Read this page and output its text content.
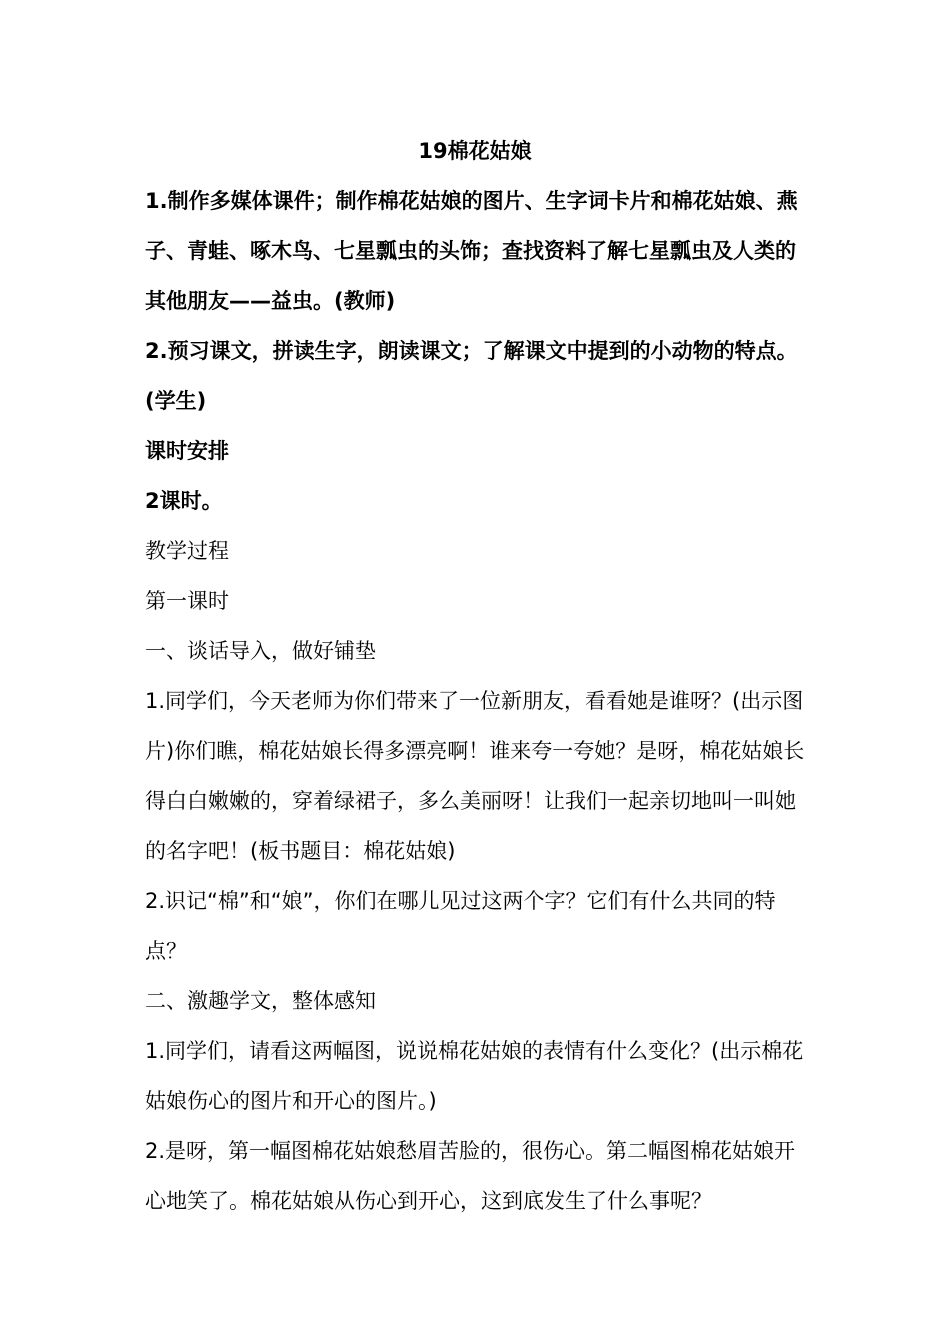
19棉花姑娘

1.制作多媒体课件；制作棉花姑娘的图片、生字词卡片和棉花姑娘、燕子、青蛙、啄木鸟、七星瓢虫的头饰；查找资料了解七星瓢虫及人类的其他朋友——益虫。(教师)

2.预习课文，拼读生字，朗读课文；了解课文中提到的小动物的特点。(学生)

课时安排

2课时。

教学过程

第一课时

一、谈话导入，做好铺垫

1.同学们，今天老师为你们带来了一位新朋友，看看她是谁呀？(出示图片)你们瞧，棉花姑娘长得多漂亮啊！谁来夸一夸她？是呀，棉花姑娘长得白白嫩嫩的，穿着绿裙子，多么美丽呀！让我们一起亲切地叫一叫她的名字吧！(板书题目：棉花姑娘)

2.识记“棉”和“娘”，你们在哪儿见过这两个字？它们有什么共同的特点？

二、激趣学文，整体感知

1.同学们，请看这两幅图，说说棉花姑娘的表情有什么变化？(出示棉花姑娘伤心的图片和开心的图片。)

2.是呀，第一幅图棉花姑娘愁眉苦脸的，很伤心。第二幅图棉花姑娘开心地笑了。棉花姑娘从伤心到开心，这到底发生了什么事呢？
